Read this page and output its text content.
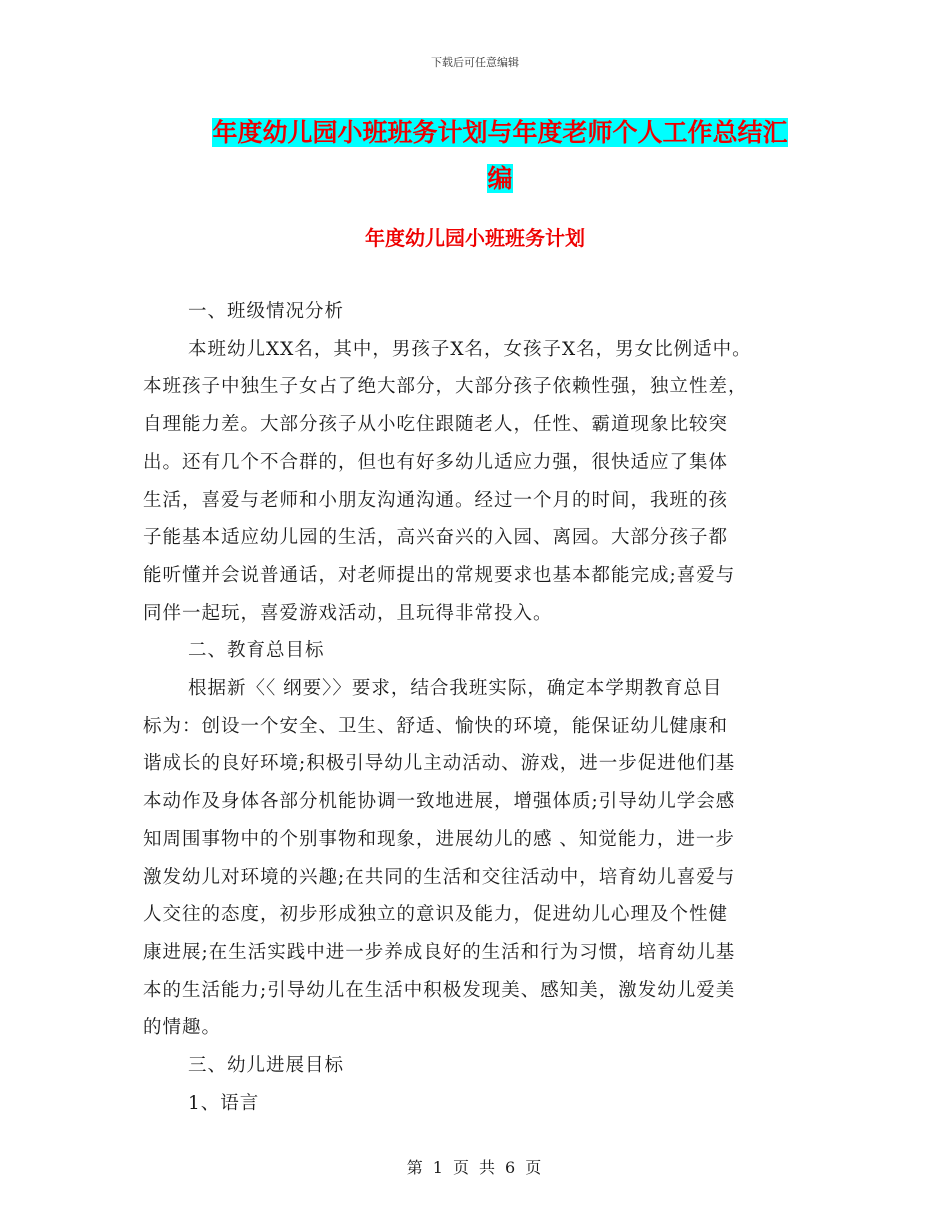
下载后可任意编辑
年度幼儿园小班班务计划与年度老师个人工作总结汇
编
年度幼儿园小班班务计划
一、班级情况分析
本班幼儿XX名，其中，男孩子X名，女孩子X名，男女比例适中。
本班孩子中独生子女占了绝大部分，大部分孩子依赖性强，独立性差，
自理能力差。大部分孩子从小吃住跟随老人，任性、霸道现象比较突
出。还有几个不合群的，但也有好多幼儿适应力强，很快适应了集体
生活，喜爱与老师和小朋友沟通沟通。经过一个月的时间，我班的孩
子能基本适应幼儿园的生活，高兴奋兴的入园、离园。大部分孩子都
能听懂并会说普通话，对老师提出的常规要求也基本都能完成;喜爱与
同伴一起玩，喜爱游戏活动，且玩得非常投入。
二、教育总目标
根据新〈〈 纲要〉〉要求，结合我班实际，确定本学期教育总目
标为：创设一个安全、卫生、舒适、愉快的环境，能保证幼儿健康和
谐成长的良好环境;积极引导幼儿主动活动、游戏，进一步促进他们基
本动作及身体各部分机能协调一致地进展，增强体质;引导幼儿学会感
知周围事物中的个别事物和现象，进展幼儿的感 、知觉能力，进一步
激发幼儿对环境的兴趣;在共同的生活和交往活动中，培育幼儿喜爱与
人交往的态度，初步形成独立的意识及能力，促进幼儿心理及个性健
康进展;在生活实践中进一步养成良好的生活和行为习惯，培育幼儿基
本的生活能力;引导幼儿在生活中积极发现美、感知美，激发幼儿爱美
的情趣。
三、幼儿进展目标
1、语言
第 1 页 共 6 页
